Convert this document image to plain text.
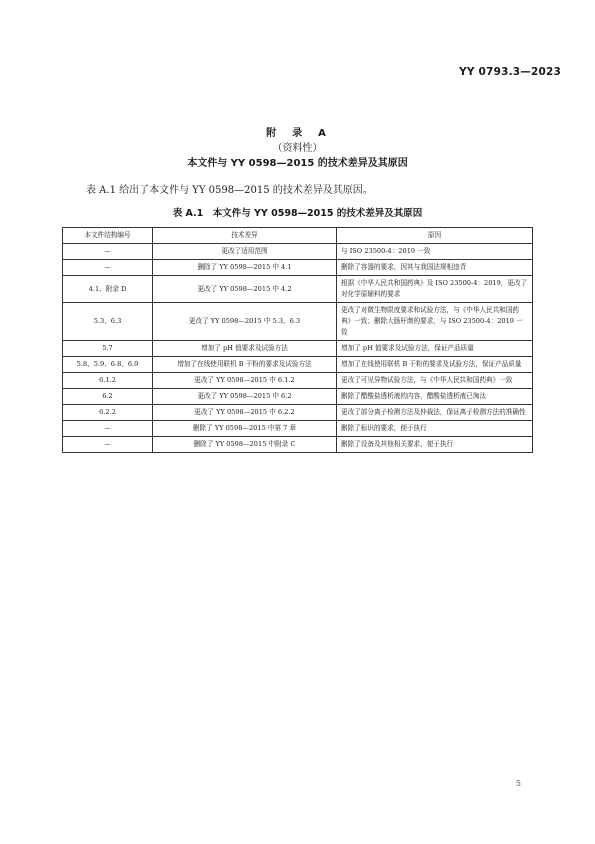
YY 0793.3—2023
附　录　A
（资料性）
本文件与 YY 0598—2015 的技术差异及其原因
表 A.1 给出了本文件与 YY 0598—2015 的技术差异及其原因。
表 A.1　本文件与 YY 0598—2015 的技术差异及其原因
本文件结构编号	技术差异	原因
—	更改了适用范围	与 ISO 23500-4：2019 一致
—	删除了 YY 0598—2015 中 4.1	删除了容器的要求，因其与我国法规相违背
4.1、附录 D	更改了 YY 0598—2015 中 4.2	根据《中华人民共和国药典》及 ISO 23500-4：2019，更改了对化学原辅料的要求
5.3、6.3	更改了 YY 0598—2015 中 5.3、6.3	更改了对微生物限度要求和试验方法，与《中华人民共和国药典》一致；删除大肠杆菌的要求，与 ISO 23500-4：2019 一致
5.7	增加了 pH 值要求及试验方法	增加了 pH 值要求及试验方法，保证产品质量
5.8、5.9、6.8、6.9	增加了在线使用联机 B 干粉的要求及试验方法	增加了在线使用联机 B 干粉的要求及试验方法，保证产品质量
6.1.2	更改了 YY 0598—2015 中 6.1.2	更改了可见异物试验方法，与《中华人民共和国药典》一致
6.2	更改了 YY 0598—2015 中 6.2	删除了醋酸盐透析液的内容，醋酸盐透析液已淘汰
6.2.2	更改了 YY 0598—2015 中 6.2.2	更改了部分离子检测方法及仲裁法，保证离子检测方法的准确性
—	删除了 YY 0598—2015 中第 7 章	删除了标识的要求，便于执行
—	删除了 YY 0598—2015 中附录 C	删除了设备及其他相关要求，便于执行
5
